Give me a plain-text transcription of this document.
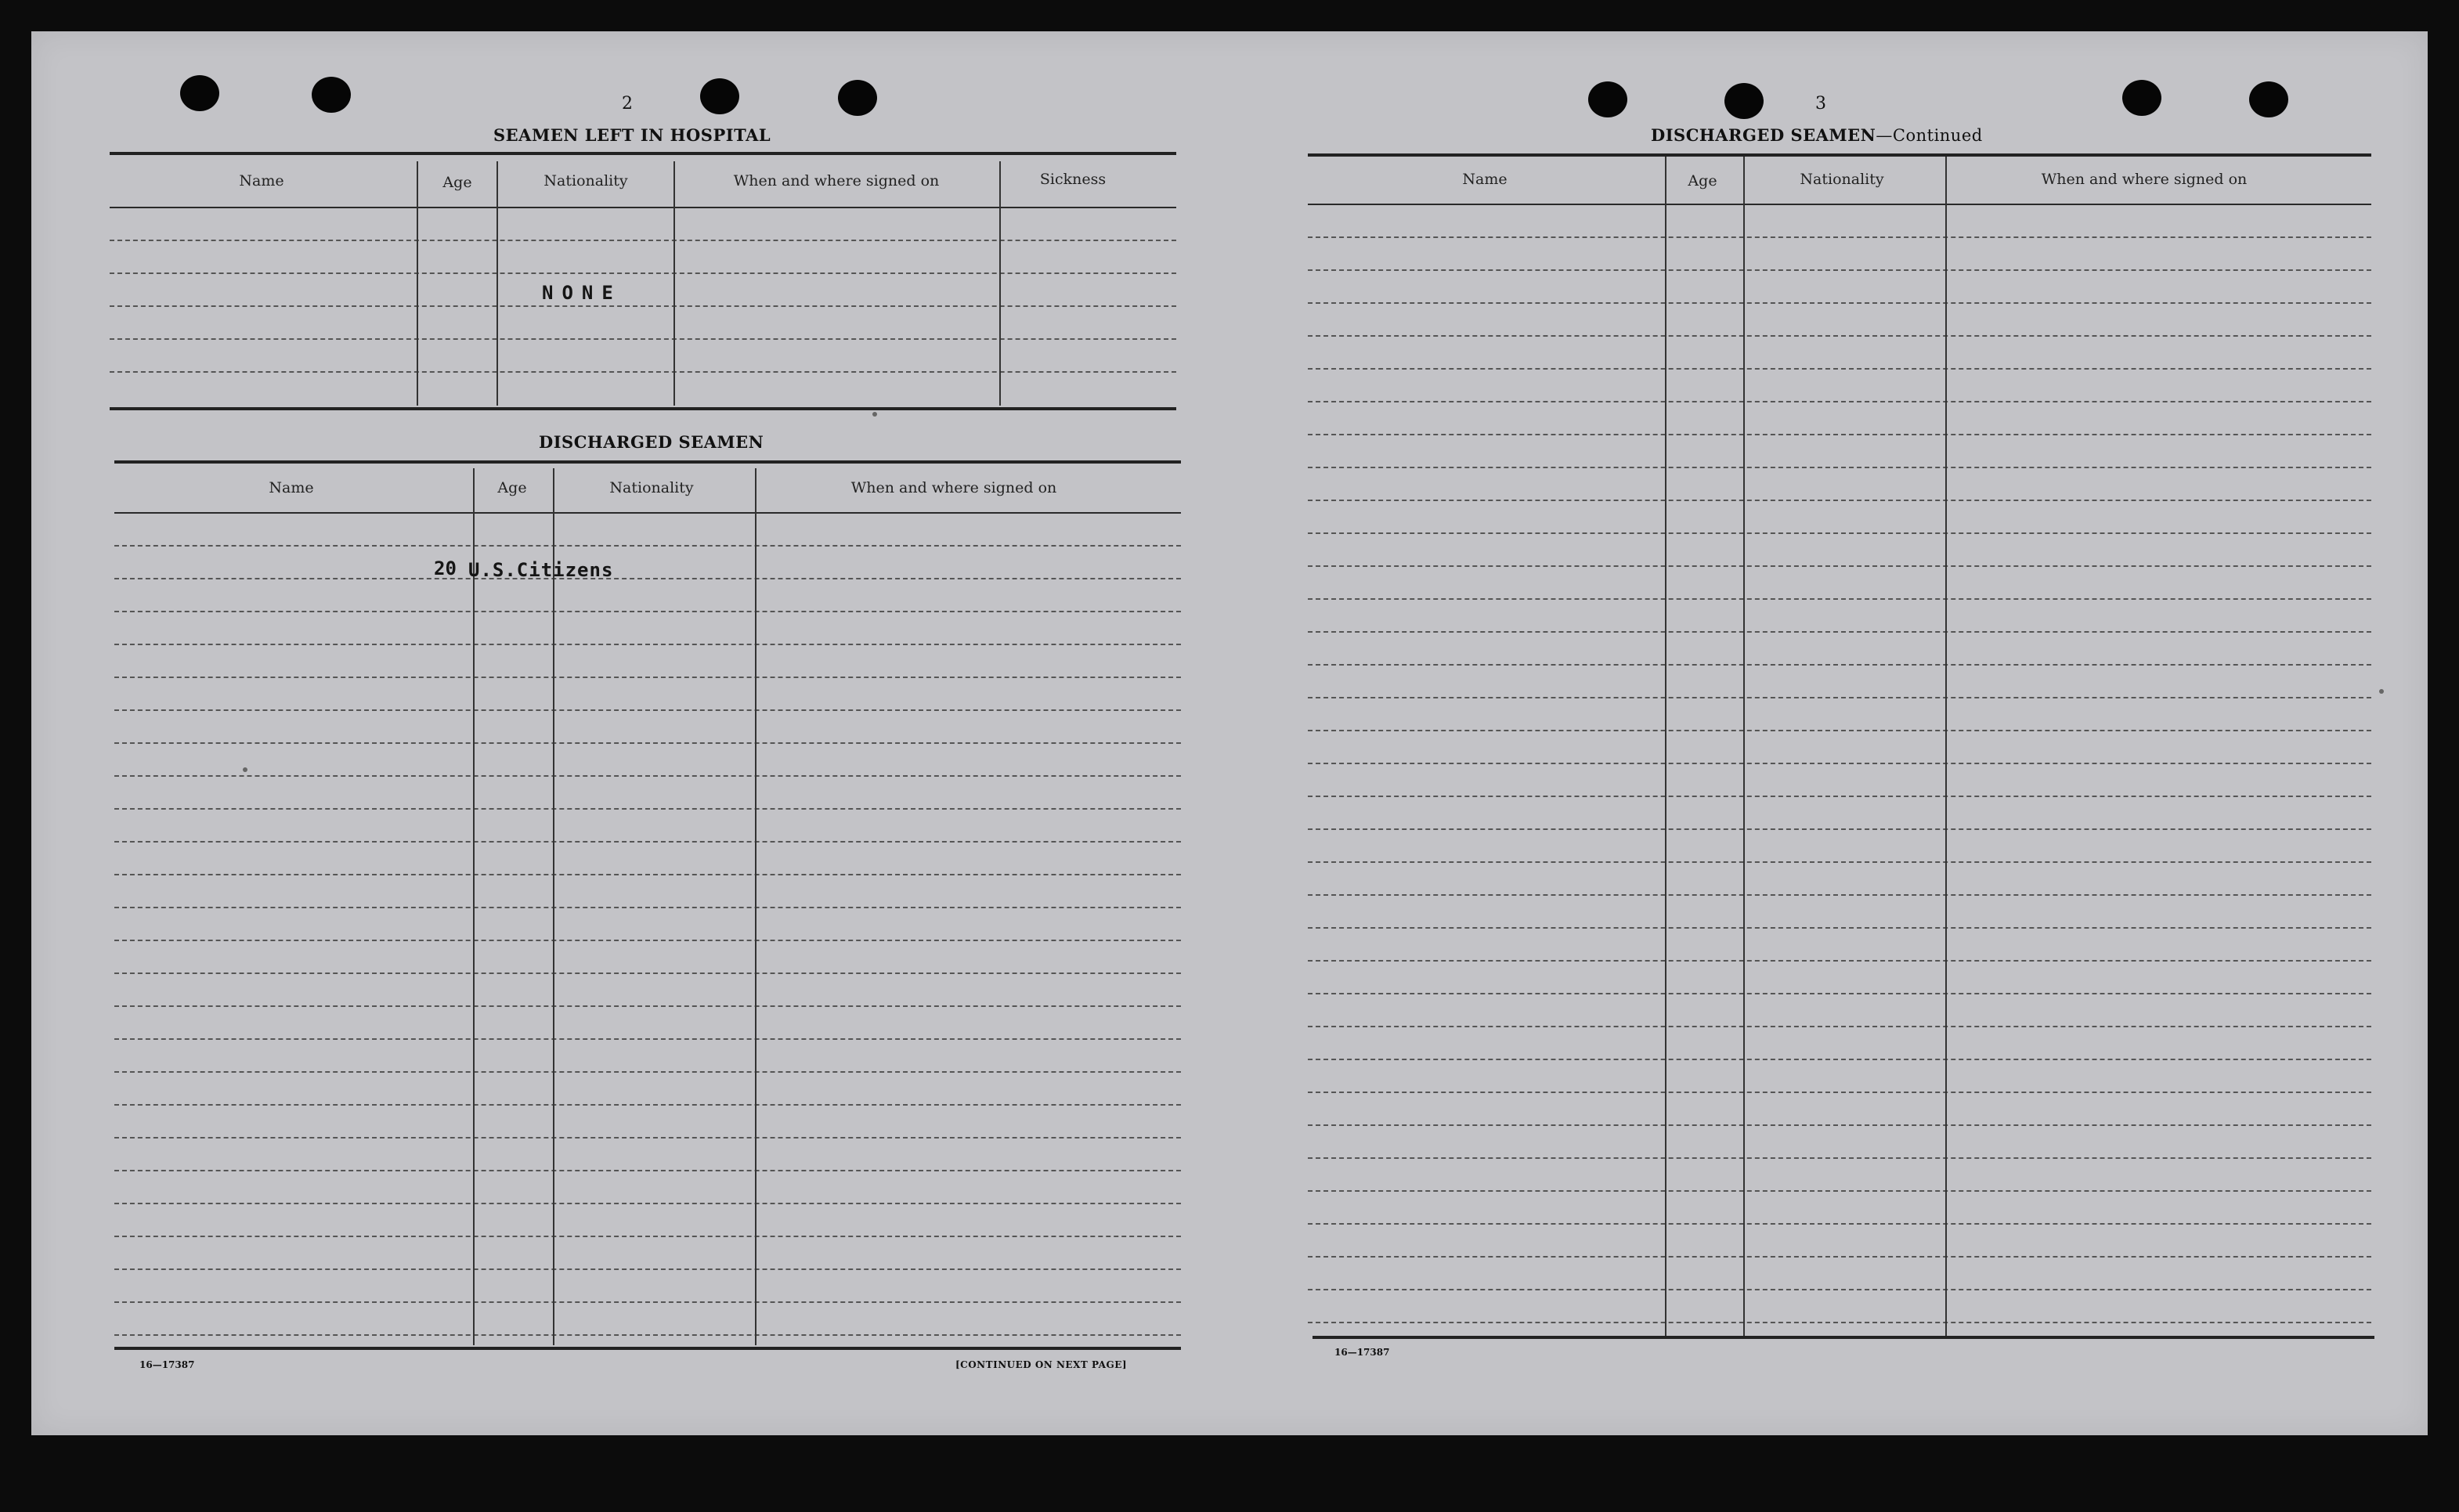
2
SEAMEN LEFT IN HOSPITAL
Name	Age	Nationality	When and where signed on	Sickness
NONE
DISCHARGED SEAMEN
Name	Age	Nationality	When and where signed on
20 U.S.Citizens
16—17387	[CONTINUED ON NEXT PAGE]
3
DISCHARGED SEAMEN—Continued
Name	Age	Nationality	When and where signed on
16—17387
